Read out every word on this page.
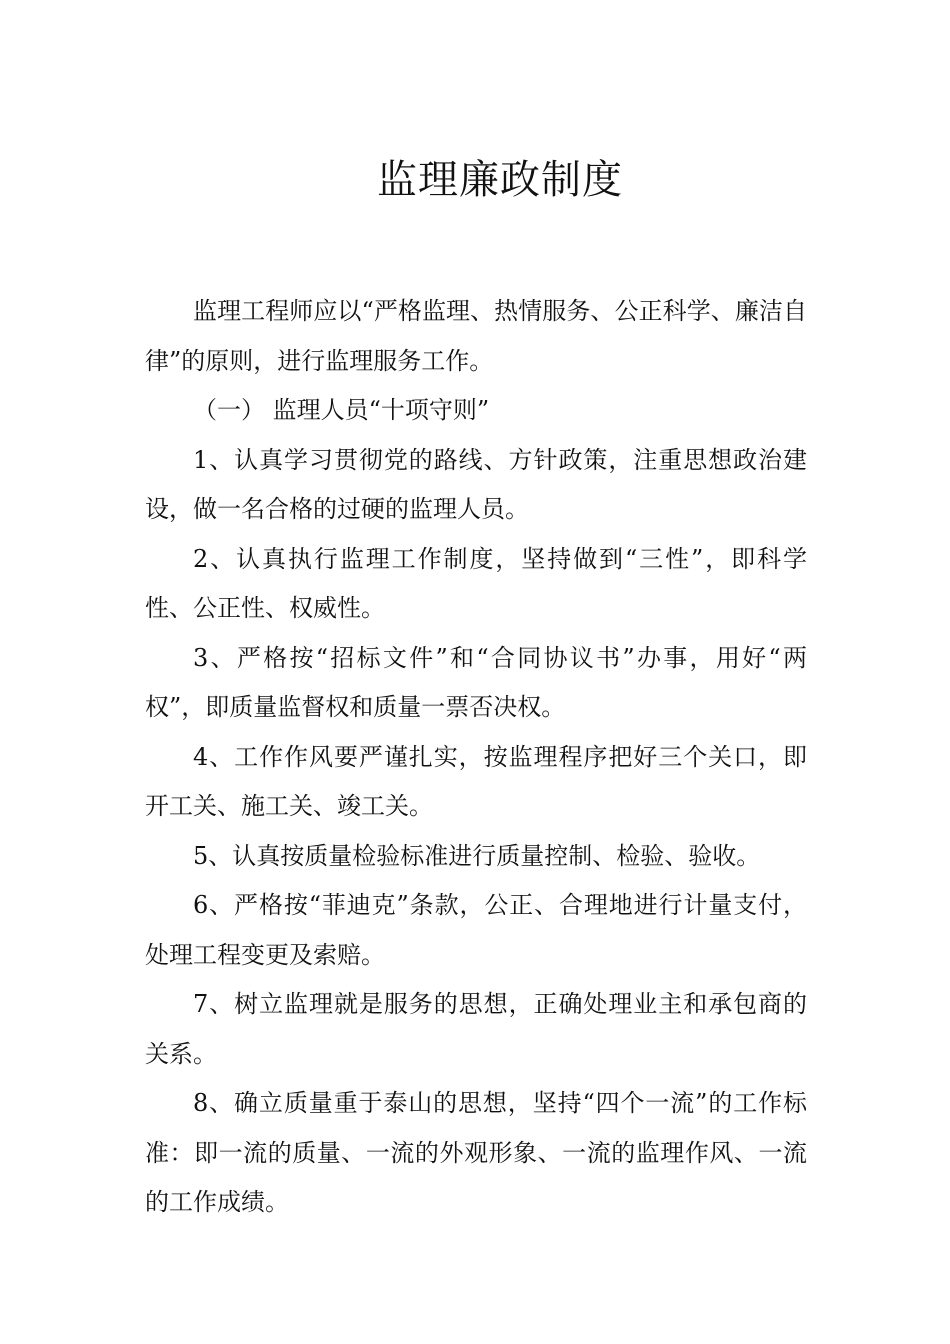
监理廉政制度

监理工程师应以“严格监理、热情服务、公正科学、廉洁自律”的原则，进行监理服务工作。

（一） 监理人员“十项守则”

1、认真学习贯彻党的路线、方针政策，注重思想政治建设，做一名合格的过硬的监理人员。

2、认真执行监理工作制度，坚持做到“三性”，即科学性、公正性、权威性。

3、严格按“招标文件”和“合同协议书”办事，用好“两权”，即质量监督权和质量一票否决权。

4、工作作风要严谨扎实，按监理程序把好三个关口，即开工关、施工关、竣工关。

5、认真按质量检验标准进行质量控制、检验、验收。

6、严格按“菲迪克”条款，公正、合理地进行计量支付，处理工程变更及索赔。

7、树立监理就是服务的思想，正确处理业主和承包商的关系。

8、确立质量重于泰山的思想，坚持“四个一流”的工作标准：即一流的质量、一流的外观形象、一流的监理作风、一流的工作成绩。
